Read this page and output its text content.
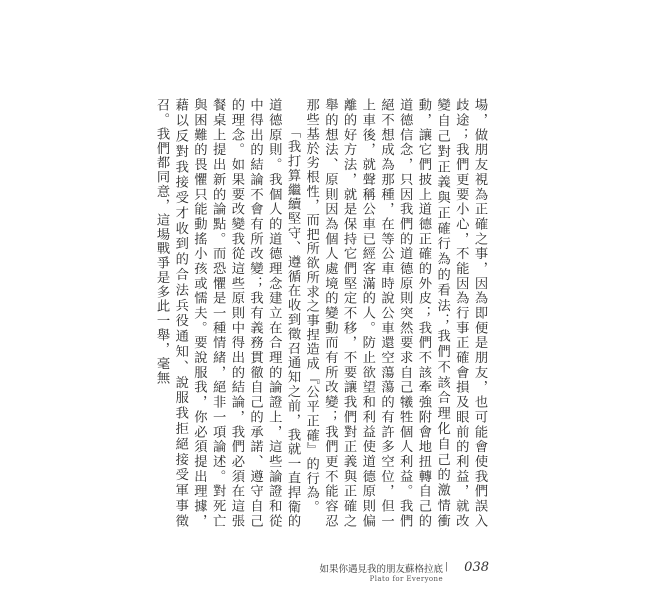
場，做朋友視為正確之事，因為即便是朋友，也可能會使我們誤入歧途；我們更要小心，不能因為行事正確會損及眼前的利益，就改變自己對正義與正確行為的看法；我們不該合理化自己的激情衝動，讓它們披上道德正確的外皮；我們不該牽強附會地扭轉自己的道德信念，只因我們的道德原則突然要求自己犧牲個人利益。我們絕不想成為那種，在等公車時說公車還空蕩蕩的有許多空位，但一上車後，就聲稱公車已經客滿的人。防止欲望和利益使道德原則偏離的好方法，就是保持它們堅定不移，不要讓我們對正義與正確之舉的想法、原則因為個人處境的變動而有所改變；我們更不能容忍那些基於劣根性，而把所欲所求之事捏造成『公平正確』的行為。

「我打算繼續堅守、遵循在收到徵召通知之前，我就一直捍衛的道德原則。我個人的道德理念建立在合理的論證上，這些論證和從中得出的結論不會有所改變；我有義務貫徹自己的承諾、遵守自己的理念。如果要改變我從這些原則中得出的結論，我們必須在這張餐桌上提出新的論點。而恐懼是一種情緒，絕非一項論述。對死亡與困難的畏懼只能動搖小孩或懦夫。要說服我，你必須提出理據，藉以反對我接受才收到的合法兵役通知、說服我拒絕接受軍事徵召。我們都同意，這場戰爭是多此一舉，毫無

如果你遇見我的朋友蘇格拉底 | 038
Plato for Everyone
